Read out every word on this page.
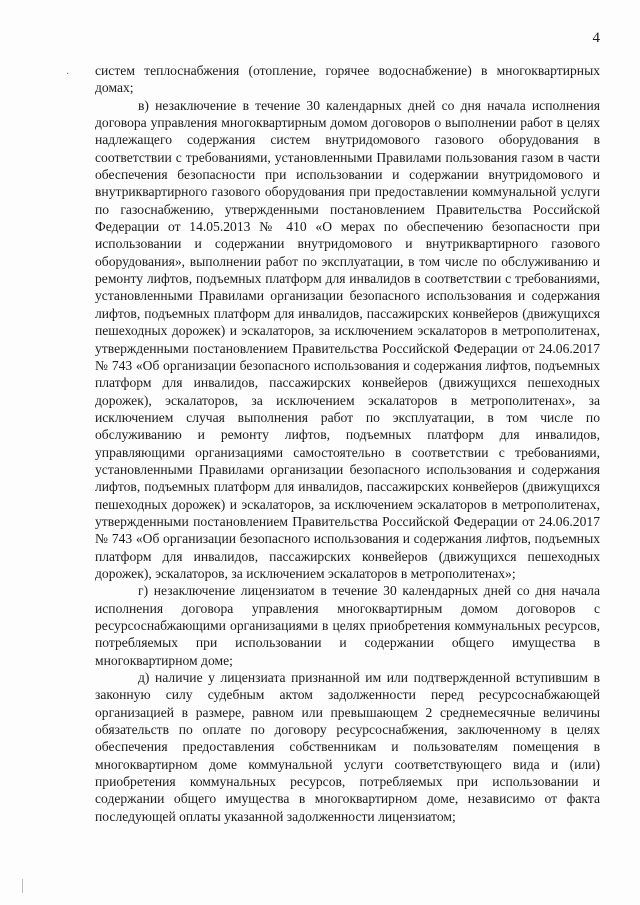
4
· систем теплоснабжения (отопление, горячее водоснабжение) в многоквартирных домах;

в) незаключение в течение 30 календарных дней со дня начала исполнения договора управления многоквартирным домом договоров о выполнении работ в целях надлежащего содержания систем внутридомового газового оборудования в соответствии с требованиями, установленными Правилами пользования газом в части обеспечения безопасности при использовании и содержании внутридомового и внутриквартирного газового оборудования при предоставлении коммунальной услуги по газоснабжению, утвержденными постановлением Правительства Российской Федерации от 14.05.2013 № 410 «О мерах по обеспечению безопасности при использовании и содержании внутридомового и внутриквартирного газового оборудования», выполнении работ по эксплуатации, в том числе по обслуживанию и ремонту лифтов, подъемных платформ для инвалидов в соответствии с требованиями, установленными Правилами организации безопасного использования и содержания лифтов, подъемных платформ для инвалидов, пассажирских конвейеров (движущихся пешеходных дорожек) и эскалаторов, за исключением эскалаторов в метрополитенах, утвержденными постановлением Правительства Российской Федерации от 24.06.2017 № 743 «Об организации безопасного использования и содержания лифтов, подъемных платформ для инвалидов, пассажирских конвейеров (движущихся пешеходных дорожек), эскалаторов, за исключением эскалаторов в метрополитенах», за исключением случая выполнения работ по эксплуатации, в том числе по обслуживанию и ремонту лифтов, подъемных платформ для инвалидов, управляющими организациями самостоятельно в соответствии с требованиями, установленными Правилами организации безопасного использования и содержания лифтов, подъемных платформ для инвалидов, пассажирских конвейеров (движущихся пешеходных дорожек) и эскалаторов, за исключением эскалаторов в метрополитенах, утвержденными постановлением Правительства Российской Федерации от 24.06.2017 № 743 «Об организации безопасного использования и содержания лифтов, подъемных платформ для инвалидов, пассажирских конвейеров (движущихся пешеходных дорожек), эскалаторов, за исключением эскалаторов в метрополитенах»;

г) незаключение лицензиатом в течение 30 календарных дней со дня начала исполнения договора управления многоквартирным домом договоров с ресурсоснабжающими организациями в целях приобретения коммунальных ресурсов, потребляемых при использовании и содержании общего имущества в многоквартирном доме;

д) наличие у лицензиата признанной им или подтвержденной вступившим в законную силу судебным актом задолженности перед ресурсоснабжающей организацией в размере, равном или превышающем 2 среднемесячные величины обязательств по оплате по договору ресурсоснабжения, заключенному в целях обеспечения предоставления собственникам и пользователям помещения в многоквартирном доме коммунальной услуги соответствующего вида и (или) приобретения коммунальных ресурсов, потребляемых при использовании и содержании общего имущества в многоквартирном доме, независимо от факта последующей оплаты указанной задолженности лицензиатом;
